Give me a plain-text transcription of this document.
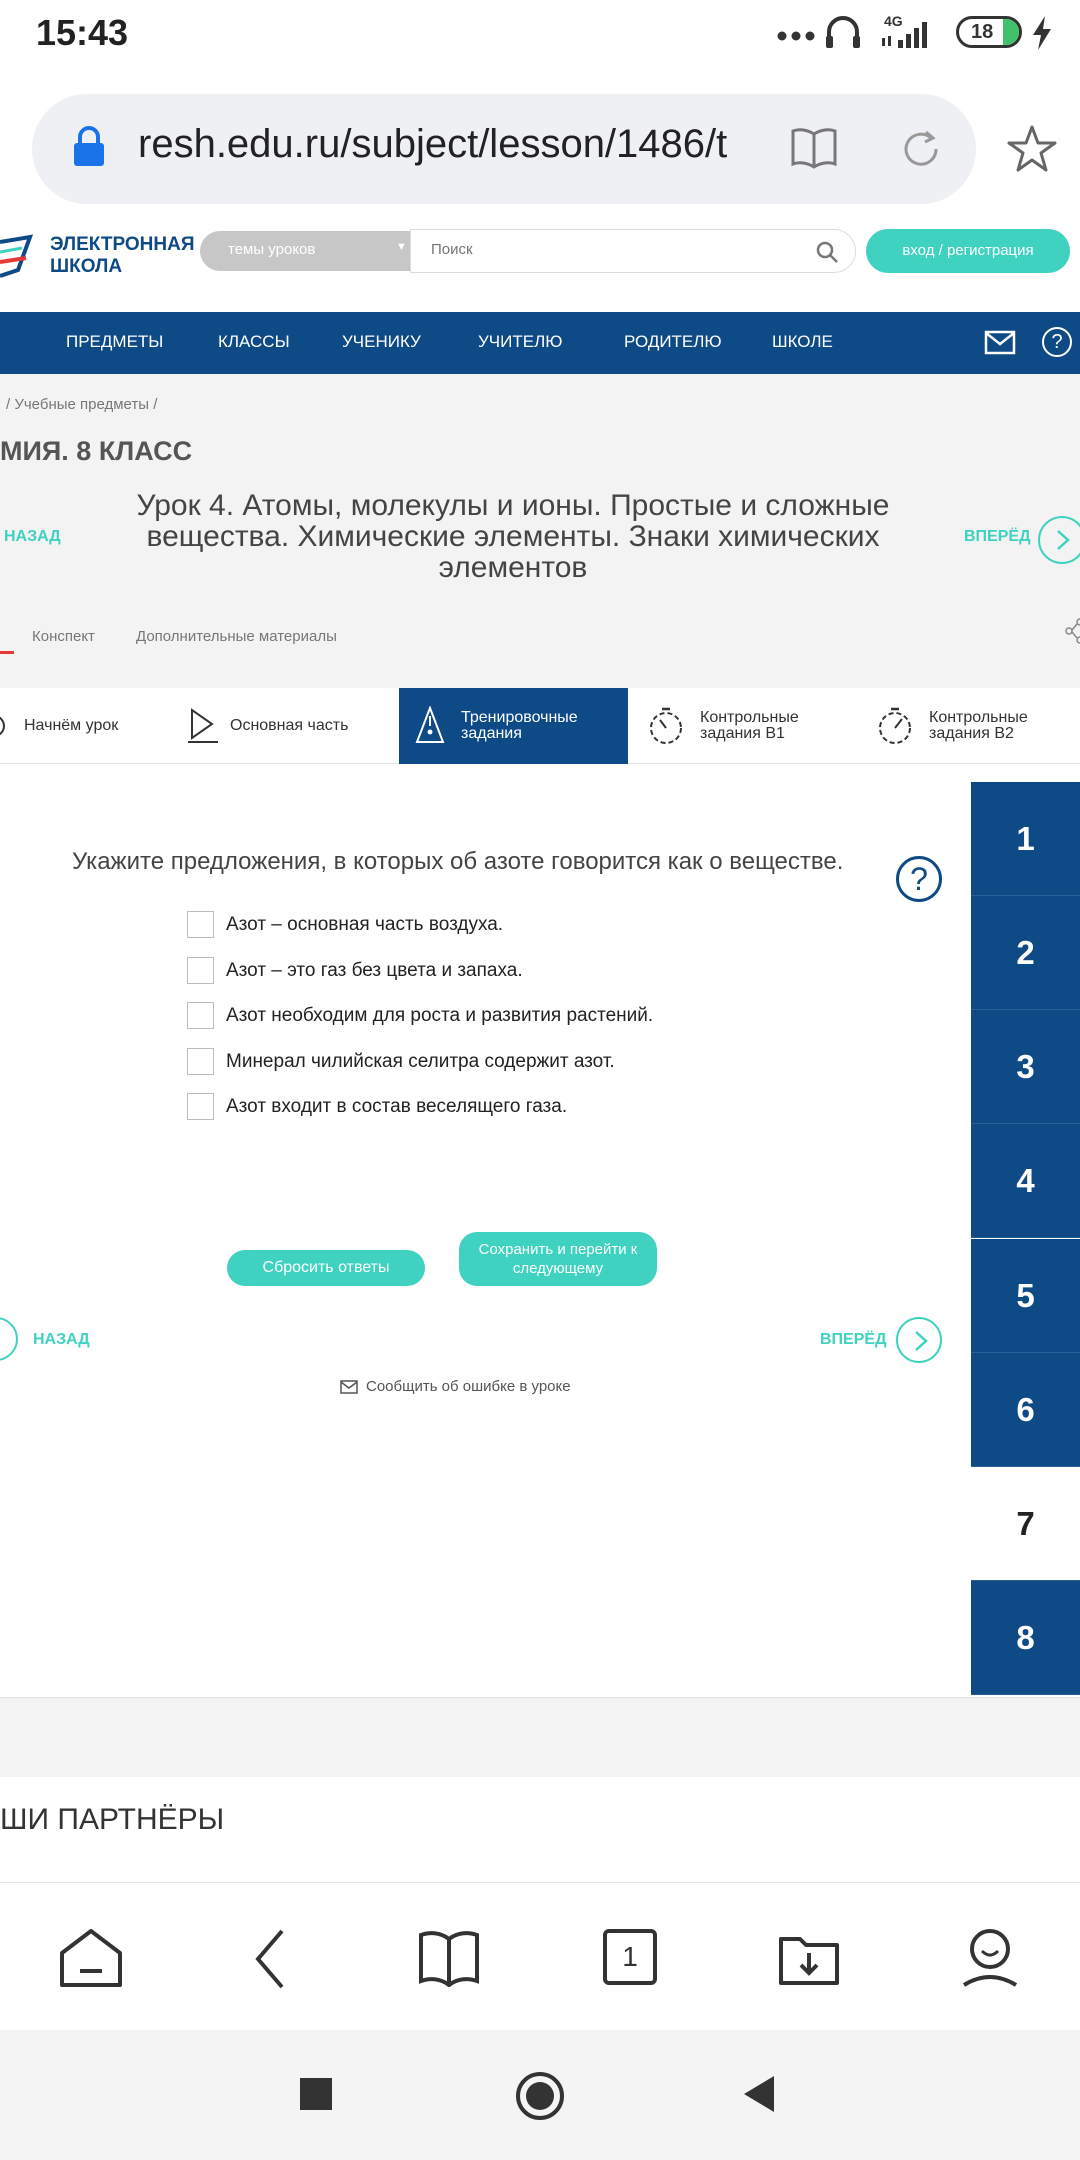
15:43	4G	18
resh.edu.ru/subject/lesson/1486/t
ЭЛЕКТРОННАЯ
ШКОЛА
темы уроков	▼
Поиск	вход / регистрация
ПРЕДМЕТЫ	КЛАССЫ	УЧЕНИКУ	УЧИТЕЛЮ	РОДИТЕЛЮ	ШКОЛЕ	?
/ Учебные предметы /
МИЯ. 8 КЛАСС
Урок 4. Атомы, молекулы и ионы. Простые и сложные вещества. Химические элементы. Знаки химических элементов
НАЗАД	ВПЕРЁД
Конспект	Дополнительные материалы
Начнём урок	Основная часть	Тренировочные
задания
Контрольные
задания В1
Контрольные
задания В2
Укажите предложения, в которых об азоте говорится как о веществе.	?
Азот – основная часть воздуха.
Азот – это газ без цвета и запаха.
Азот необходим для роста и развития растений.
Минерал чилийская селитра содержит азот.
Азот входит в состав веселящего газа.
Сбросить ответы
Сохранить и перейти к
следующему
НАЗАД	ВПЕРЁД
Сообщить об ошибке в уроке
1
2
3
4
5
6
7
8
ШИ ПАРТНЁРЫ
1
